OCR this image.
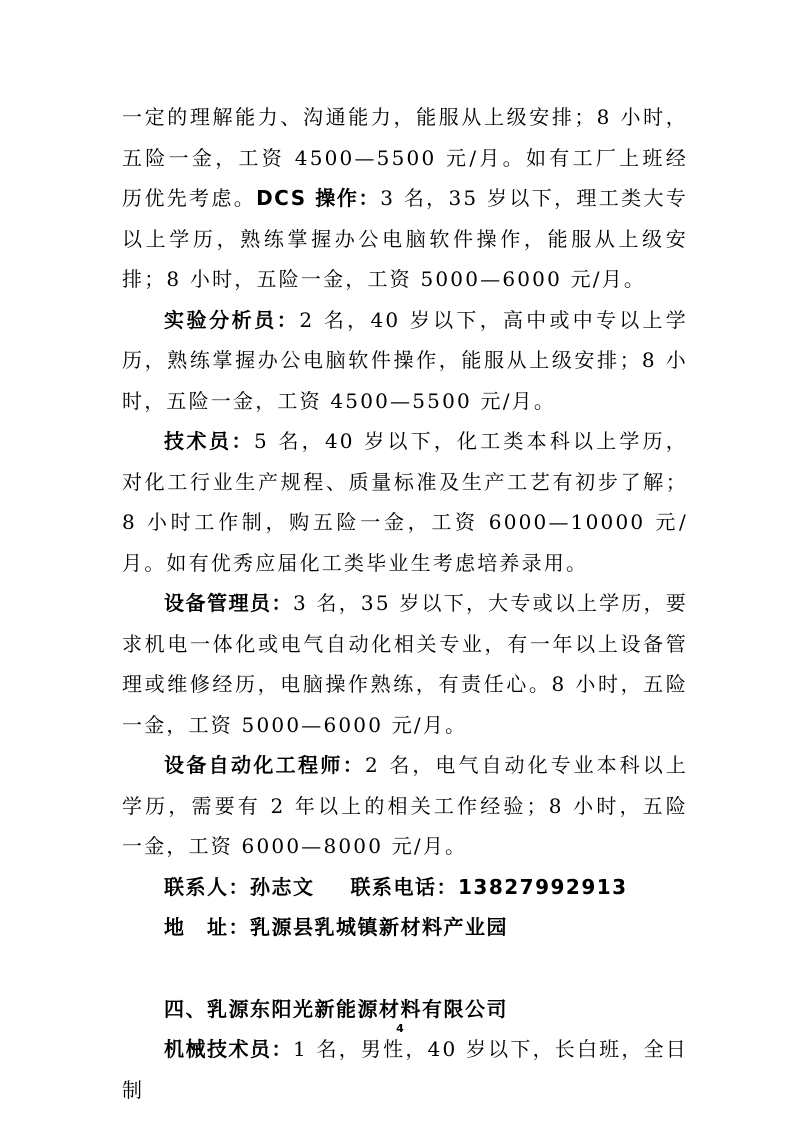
一定的理解能力、沟通能力，能服从上级安排；8 小时，五险一金，工资 4500—5500 元/月。如有工厂上班经历优先考虑。DCS 操作：3 名，35 岁以下，理工类大专以上学历，熟练掌握办公电脑软件操作，能服从上级安排；8 小时，五险一金，工资 5000—6000 元/月。

实验分析员：2 名，40 岁以下，高中或中专以上学历，熟练掌握办公电脑软件操作，能服从上级安排；8 小时，五险一金，工资 4500—5500 元/月。

技术员：5 名，40 岁以下，化工类本科以上学历，对化工行业生产规程、质量标准及生产工艺有初步了解；8 小时工作制，购五险一金，工资 6000—10000 元/月。如有优秀应届化工类毕业生考虑培养录用。

设备管理员：3 名，35 岁以下，大专或以上学历，要求机电一体化或电气自动化相关专业，有一年以上设备管理或维修经历，电脑操作熟练，有责任心。8 小时，五险一金，工资 5000—6000 元/月。

设备自动化工程师：2 名，电气自动化专业本科以上学历，需要有 2 年以上的相关工作经验；8 小时，五险一金，工资 6000—8000 元/月。

联系人：孙志文 联系电话：13827992913

地　址：乳源县乳城镇新材料产业园

四、乳源东阳光新能源材料有限公司

机械技术员：1 名，男性，40 岁以下，长白班，全日制

4
